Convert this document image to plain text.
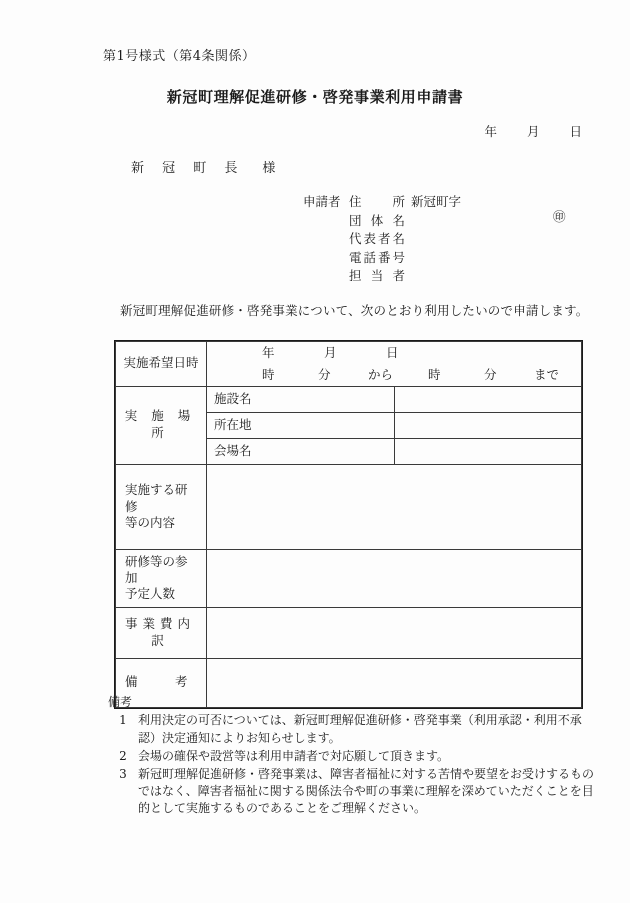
第1号様式（第4条関係）
新冠町理解促進研修・啓発事業利用申請書
年 月 日
新 冠 町 長 様
申請者 住所 新冠町字
団体名
代表者名
電話番号
担当者
㊞
新冠町理解促進研修・啓発事業について、次のとおり利用したいので申請します。
実施希望日時	年 月 日
時 分 から 時 分 まで	

実 施 場 所	施設名	

	所在地	

	会場名	

実施する研修
等の内容		

研修等の参加
予定人数		

事業費内訳		

備　　　考		

備考
1 利用決定の可否については、新冠町理解促進研修・啓発事業（利用承認・利用不承認）決定通知によりお知らせします。
2 会場の確保や設営等は利用申請者で対応願して頂きます。
3 新冠町理解促進研修・啓発事業は、障害者福祉に対する苦情や要望をお受けするものではなく、障害者福祉に関する関係法令や町の事業に理解を深めていただくことを目的として実施するものであることをご理解ください。
